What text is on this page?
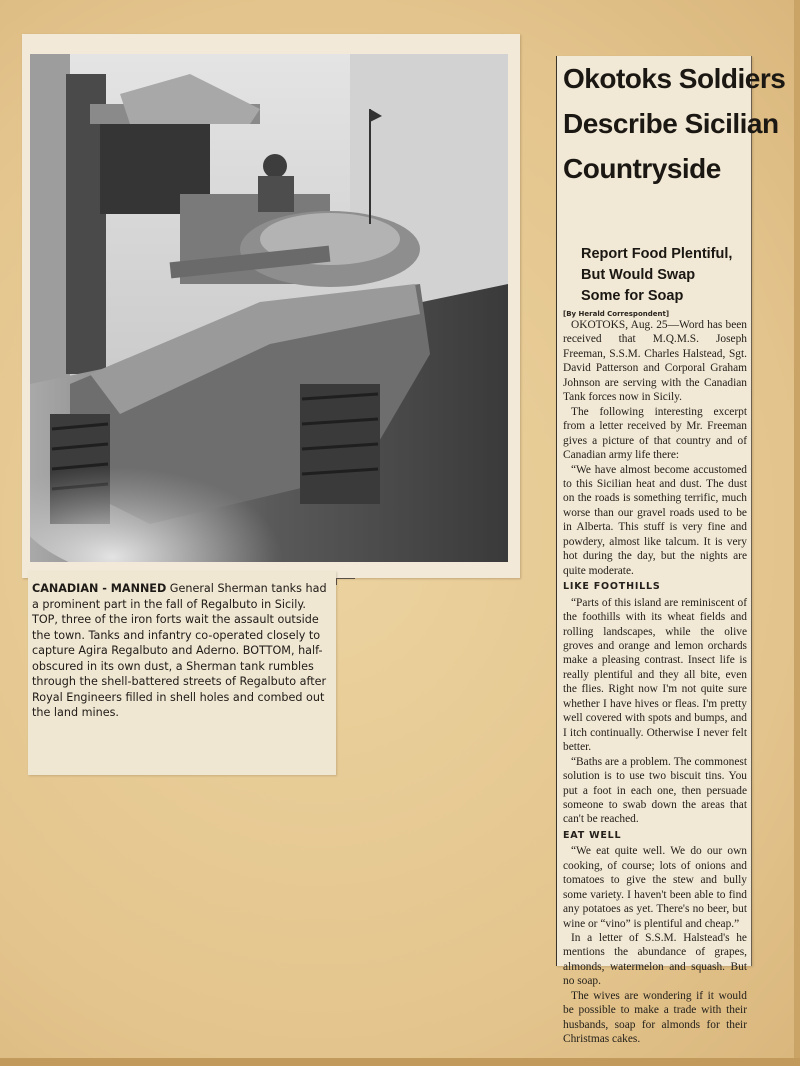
CANADIAN - MANNED General Sherman tanks had a prominent part in the fall of Regalbuto in Sicily. TOP, three of the iron forts wait the assault outside the town. Tanks and infantry co-operated closely to capture Agira Regalbuto and Aderno. BOTTOM, half-obscured in its own dust, a Sherman tank rumbles through the shell-battered streets of Regalbuto after Royal Engineers filled in shell holes and combed out the land mines.
Okotoks Soldiers
Describe Sicilian
Countryside
Report Food Plentiful,
But Would Swap
Some for Soap
[By Herald Correspondent]

OKOTOKS, Aug. 25—Word has been received that M.Q.M.S. Joseph Freeman, S.S.M. Charles Halstead, Sgt. David Patterson and Corporal Graham Johnson are serving with the Canadian Tank forces now in Sicily.

The following interesting excerpt from a letter received by Mr. Freeman gives a picture of that country and of Canadian army life there:

“We have almost become accustomed to this Sicilian heat and dust. The dust on the roads is something terrific, much worse than our gravel roads used to be in Alberta. This stuff is very fine and powdery, almost like talcum. It is very hot during the day, but the nights are quite moderate.

LIKE FOOTHILLS

“Parts of this island are reminiscent of the foothills with its wheat fields and rolling landscapes, while the olive groves and orange and lemon orchards make a pleasing contrast. Insect life is really plentiful and they all bite, even the flies. Right now I'm not quite sure whether I have hives or fleas. I'm pretty well covered with spots and bumps, and I itch continually. Otherwise I never felt better.

“Baths are a problem. The commonest solution is to use two biscuit tins. You put a foot in each one, then persuade someone to swab down the areas that can't be reached.

EAT WELL

“We eat quite well. We do our own cooking, of course; lots of onions and tomatoes to give the stew and bully some variety. I haven't been able to find any potatoes as yet. There's no beer, but wine or “vino” is plentiful and cheap.”

In a letter of S.S.M. Halstead's he mentions the abundance of grapes, almonds, watermelon and squash. But no soap.

The wives are wondering if it would be possible to make a trade with their husbands, soap for almonds for their Christmas cakes.
